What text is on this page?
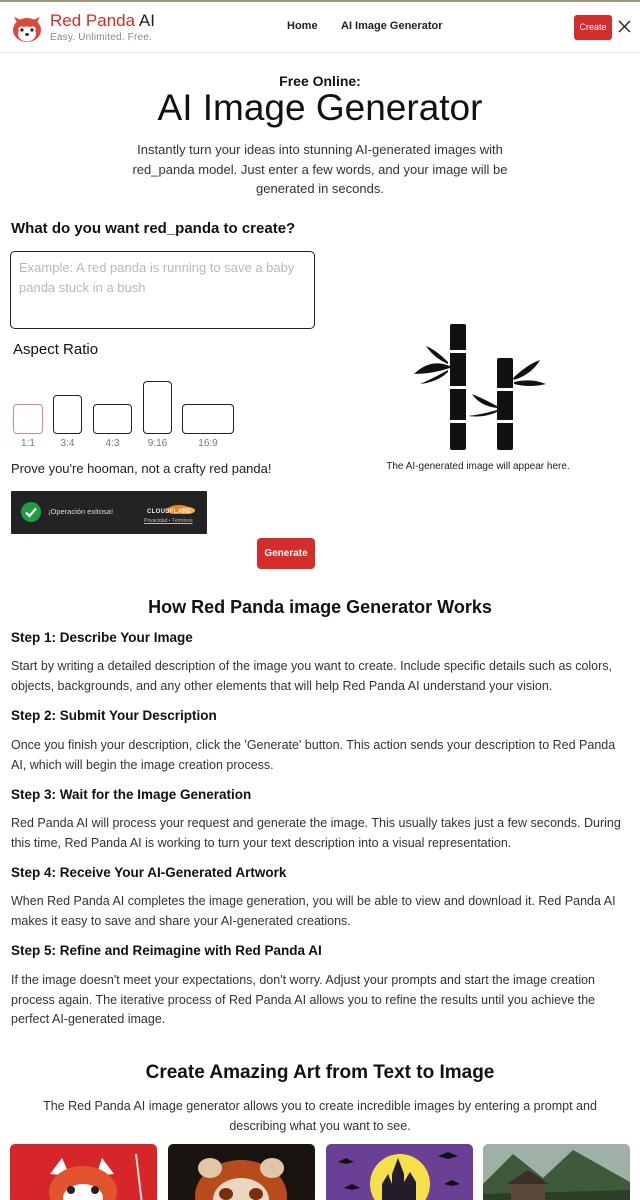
Red Panda AI
Easy. Unlimited. Free.
Home AI Image Generator	Create
Free Online:
AI Image Generator

Instantly turn your ideas into stunning AI-generated images with red_panda model. Just enter a few words, and your image will be generated in seconds.

What do you want red_panda to create?
Example: A red panda is running to save a baby panda stuck in a bush
Aspect Ratio
1:1	3:4	4:3	9:16	16:9
Prove you're hooman, not a crafty red panda!
¡Operación exitosa!	CLOUDFLARE
Privacidad • Términos
Generate
The AI-generated image will appear here.
How Red Panda image Generator Works
Step 1: Describe Your Image

Start by writing a detailed description of the image you want to create. Include specific details such as colors, objects, backgrounds, and any other elements that will help Red Panda AI understand your vision.

Step 2: Submit Your Description

Once you finish your description, click the 'Generate' button. This action sends your description to Red Panda AI, which will begin the image creation process.

Step 3: Wait for the Image Generation

Red Panda AI will process your request and generate the image. This usually takes just a few seconds. During this time, Red Panda AI is working to turn your text description into a visual representation.

Step 4: Receive Your AI-Generated Artwork

When Red Panda AI completes the image generation, you will be able to view and download it. Red Panda AI makes it easy to save and share your AI-generated creations.

Step 5: Refine and Reimagine with Red Panda AI

If the image doesn't meet your expectations, don't worry. Adjust your prompts and start the image creation process again. The iterative process of Red Panda AI allows you to refine the results until you achieve the perfect AI-generated image.

Create Amazing Art from Text to Image

The Red Panda AI image generator allows you to create incredible images by entering a prompt and describing what you want to see.
